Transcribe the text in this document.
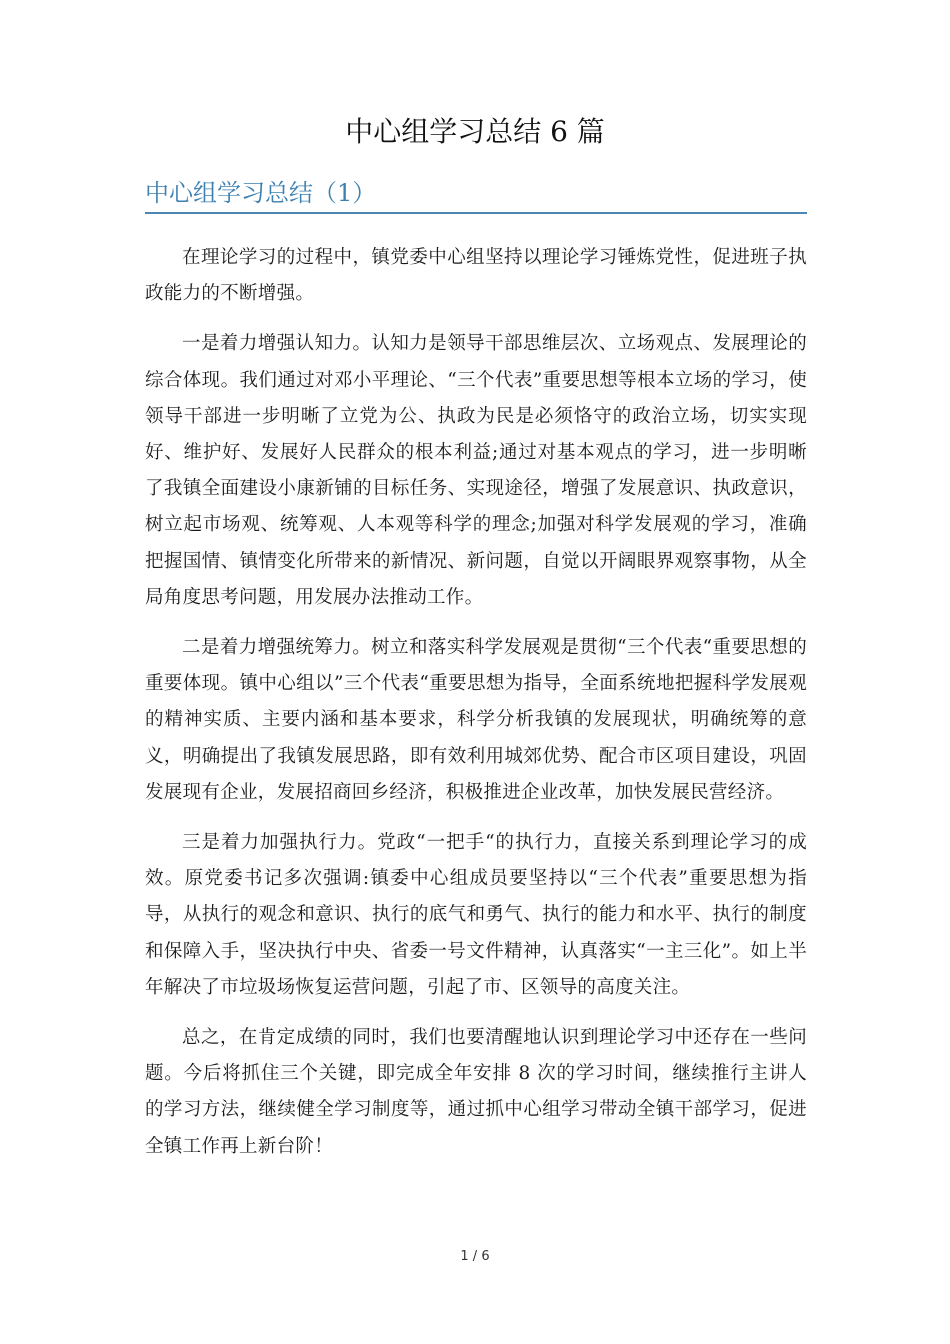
中心组学习总结 6 篇
中心组学习总结（1）

在理论学习的过程中，镇党委中心组坚持以理论学习锤炼党性，促进班子执政能力的不断增强。

一是着力增强认知力。认知力是领导干部思维层次、立场观点、发展理论的综合体现。我们通过对邓小平理论、“三个代表”重要思想等根本立场的学习，使领导干部进一步明晰了立党为公、执政为民是必须恪守的政治立场，切实实现好、维护好、发展好人民群众的根本利益;通过对基本观点的学习，进一步明晰了我镇全面建设小康新铺的目标任务、实现途径，增强了发展意识、执政意识，树立起市场观、统筹观、人本观等科学的理念;加强对科学发展观的学习，准确把握国情、镇情变化所带来的新情况、新问题，自觉以开阔眼界观察事物，从全局角度思考问题，用发展办法推动工作。

二是着力增强统筹力。树立和落实科学发展观是贯彻“三个代表“重要思想的重要体现。镇中心组以”三个代表“重要思想为指导，全面系统地把握科学发展观的精神实质、主要内涵和基本要求，科学分析我镇的发展现状，明确统筹的意义，明确提出了我镇发展思路，即有效利用城郊优势、配合市区项目建设，巩固发展现有企业，发展招商回乡经济，积极推进企业改革，加快发展民营经济。

三是着力加强执行力。党政“一把手“的执行力，直接关系到理论学习的成效。原党委书记多次强调:镇委中心组成员要坚持以“三个代表”重要思想为指导，从执行的观念和意识、执行的底气和勇气、执行的能力和水平、执行的制度和保障入手，坚决执行中央、省委一号文件精神，认真落实“一主三化”。如上半年解决了市垃圾场恢复运营问题，引起了市、区领导的高度关注。

总之，在肯定成绩的同时，我们也要清醒地认识到理论学习中还存在一些问题。今后将抓住三个关键，即完成全年安排 8 次的学习时间，继续推行主讲人的学习方法，继续健全学习制度等，通过抓中心组学习带动全镇干部学习，促进全镇工作再上新台阶！

1 / 6
